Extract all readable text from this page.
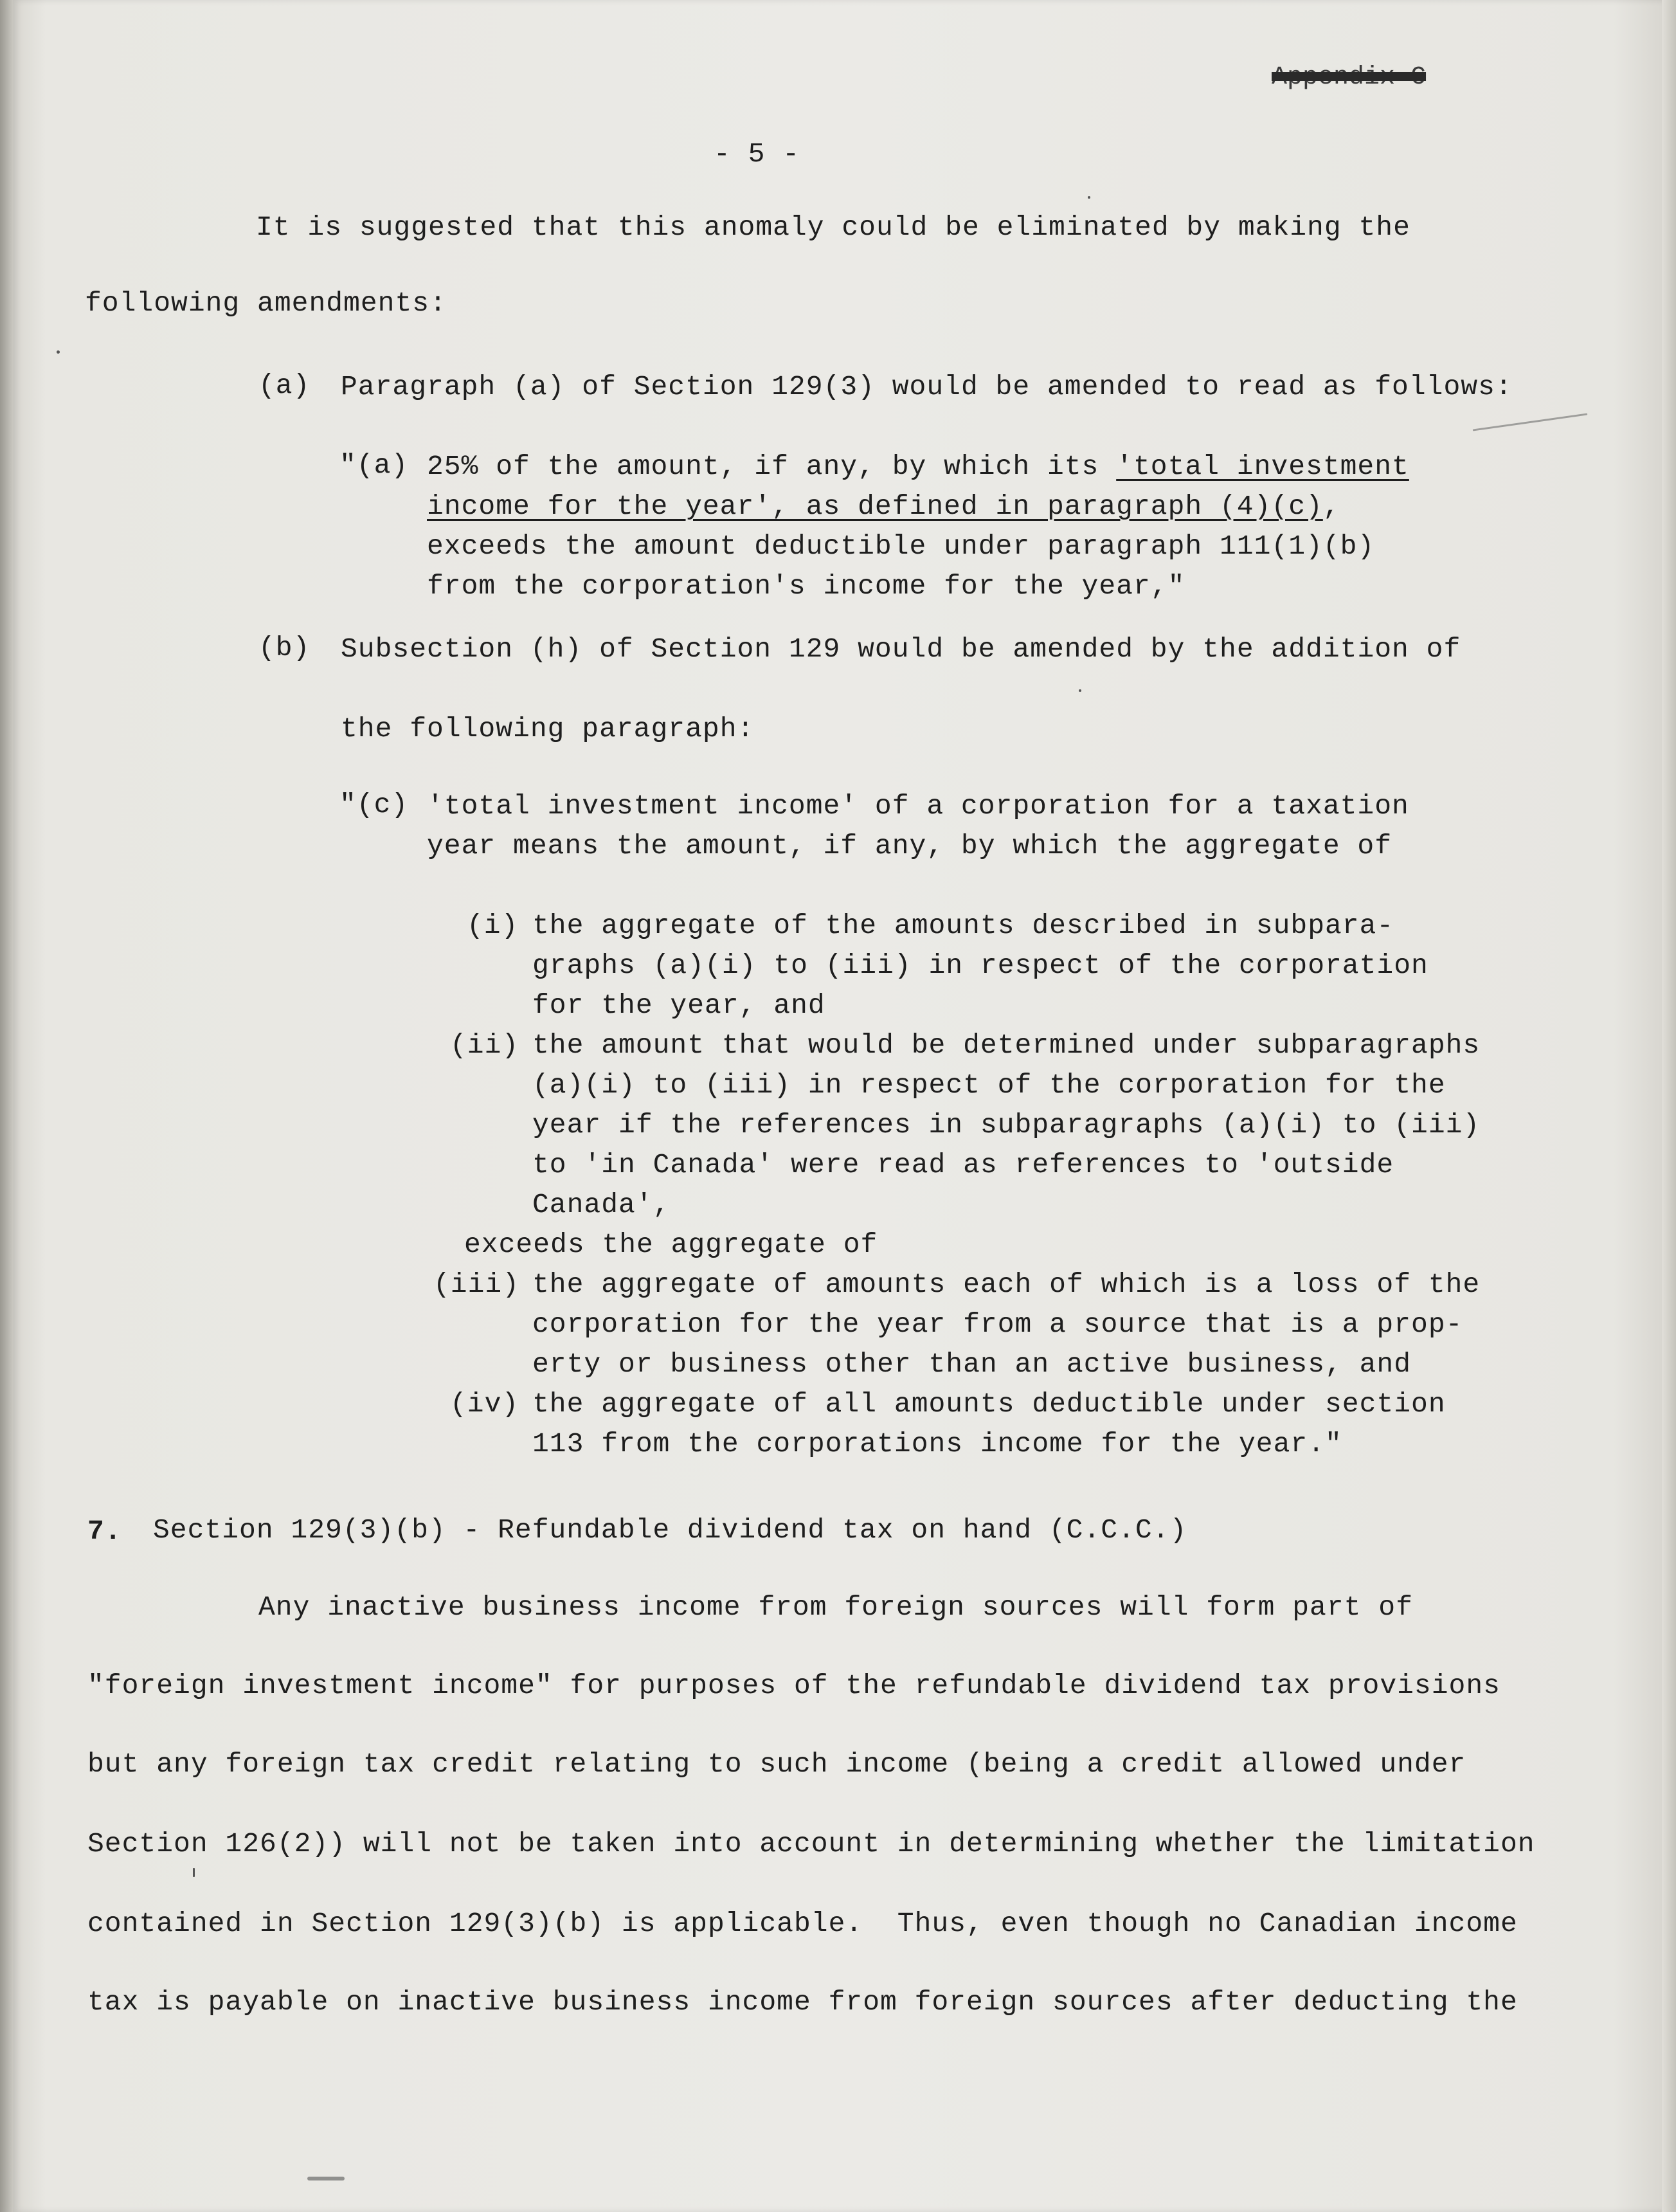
Appendix C
- 5 -
It is suggested that this anomaly could be eliminated by making the
following amendments:
(a) Paragraph (a) of Section 129(3) would be amended to read as follows:
"(a) 25% of the amount, if any, by which its 'total investment
income for the year', as defined in paragraph (4)(c),
exceeds the amount deductible under paragraph 111(1)(b)
from the corporation's income for the year,"
(b) Subsection (h) of Section 129 would be amended by the addition of
the following paragraph:
"(c) 'total investment income' of a corporation for a taxation
year means the amount, if any, by which the aggregate of
(i) the aggregate of the amounts described in subpara-
graphs (a)(i) to (iii) in respect of the corporation
for the year, and
(ii) the amount that would be determined under subparagraphs
(a)(i) to (iii) in respect of the corporation for the
year if the references in subparagraphs (a)(i) to (iii)
to 'in Canada' were read as references to 'outside
Canada',
exceeds the aggregate of
(iii) the aggregate of amounts each of which is a loss of the
corporation for the year from a source that is a prop-
erty or business other than an active business, and
(iv) the aggregate of all amounts deductible under section
113 from the corporations income for the year."
7. Section 129(3)(b) - Refundable dividend tax on hand (C.C.C.)
Any inactive business income from foreign sources will form part of
"foreign investment income" for purposes of the refundable dividend tax provisions
but any foreign tax credit relating to such income (being a credit allowed under
Section 126(2)) will not be taken into account in determining whether the limitation
contained in Section 129(3)(b) is applicable.  Thus, even though no Canadian income
tax is payable on inactive business income from foreign sources after deducting the
